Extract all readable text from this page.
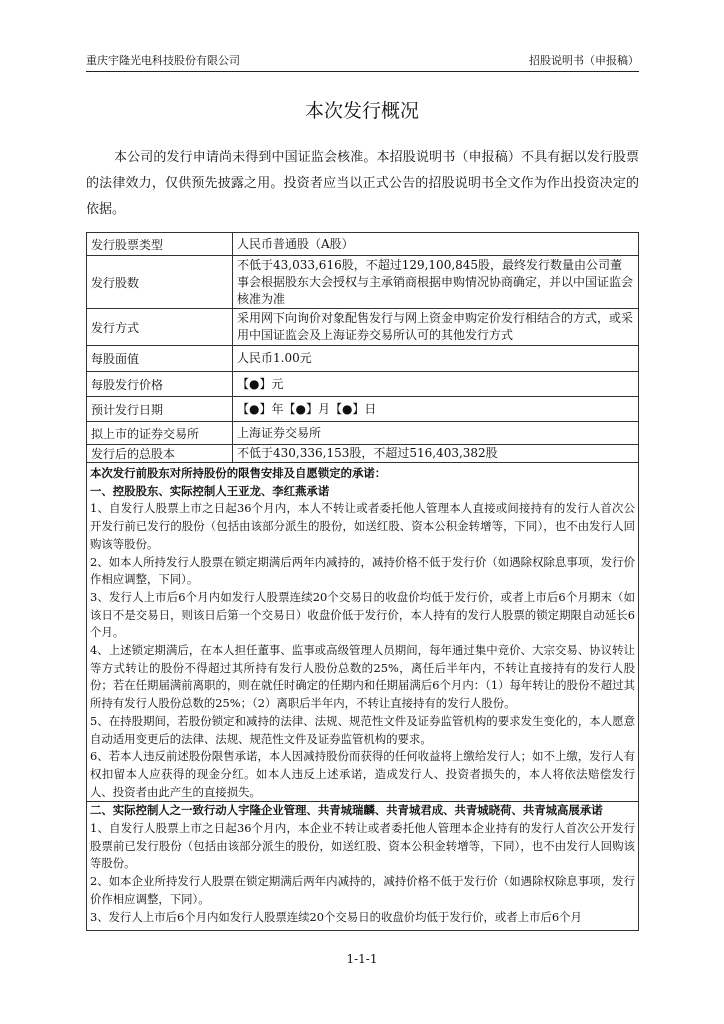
重庆宇隆光电科技股份有限公司	招股说明书（申报稿）
本次发行概况

本公司的发行申请尚未得到中国证监会核准。本招股说明书（申报稿）不具有据以发行股票的法律效力，仅供预先披露之用。投资者应当以正式公告的招股说明书全文作为作出投资决定的依据。

发行股票类型	人民币普通股（A股）
发行股数	不低于43,033,616股，不超过129,100,845股，最终发行数量由公司董事会根据股东大会授权与主承销商根据申购情况协商确定，并以中国证监会核准为准
发行方式	采用网下向询价对象配售发行与网上资金申购定价发行相结合的方式，或采用中国证监会及上海证券交易所认可的其他发行方式
每股面值	人民币1.00元
每股发行价格	【●】元
预计发行日期	【●】年【●】月【●】日
拟上市的证券交易所	上海证券交易所
发行后的总股本	不低于430,336,153股，不超过516,403,382股

本次发行前股东对所持股份的限售安排及自愿锁定的承诺：

一、控股股东、实际控制人王亚龙、李红燕承诺

1、自发行人股票上市之日起36个月内，本人不转让或者委托他人管理本人直接或间接持有的发行人首次公开发行前已发行的股份（包括由该部分派生的股份，如送红股、资本公积金转增等，下同），也不由发行人回购该等股份。

2、如本人所持发行人股票在锁定期满后两年内减持的，减持价格不低于发行价（如遇除权除息事项，发行价作相应调整，下同）。

3、发行人上市后6个月内如发行人股票连续20个交易日的收盘价均低于发行价，或者上市后6个月期末（如该日不是交易日，则该日后第一个交易日）收盘价低于发行价，本人持有的发行人股票的锁定期限自动延长6个月。

4、上述锁定期满后，在本人担任董事、监事或高级管理人员期间，每年通过集中竞价、大宗交易、协议转让等方式转让的股份不得超过其所持有发行人股份总数的25%，离任后半年内，不转让直接持有的发行人股份；若在任期届满前离职的，则在就任时确定的任期内和任期届满后6个月内：（1）每年转让的股份不超过其所持有发行人股份总数的25%；（2）离职后半年内，不转让直接持有的发行人股份。

5、在持股期间，若股份锁定和减持的法律、法规、规范性文件及证券监管机构的要求发生变化的，本人愿意自动适用变更后的法律、法规、规范性文件及证券监管机构的要求。

6、若本人违反前述股份限售承诺，本人因减持股份而获得的任何收益将上缴给发行人；如不上缴，发行人有权扣留本人应获得的现金分红。如本人违反上述承诺，造成发行人、投资者损失的，本人将依法赔偿发行人、投资者由此产生的直接损失。

二、实际控制人之一致行动人宇隆企业管理、共青城瑞麟、共青城君成、共青城晓荷、共青城高展承诺

1、自发行人股票上市之日起36个月内，本企业不转让或者委托他人管理本企业持有的发行人首次公开发行股票前已发行股份（包括由该部分派生的股份，如送红股、资本公积金转增等，下同），也不由发行人回购该等股份。

2、如本企业所持发行人股票在锁定期满后两年内减持的，减持价格不低于发行价（如遇除权除息事项，发行价作相应调整，下同）。

3、发行人上市后6个月内如发行人股票连续20个交易日的收盘价均低于发行价，或者上市后6个月

1-1-1
